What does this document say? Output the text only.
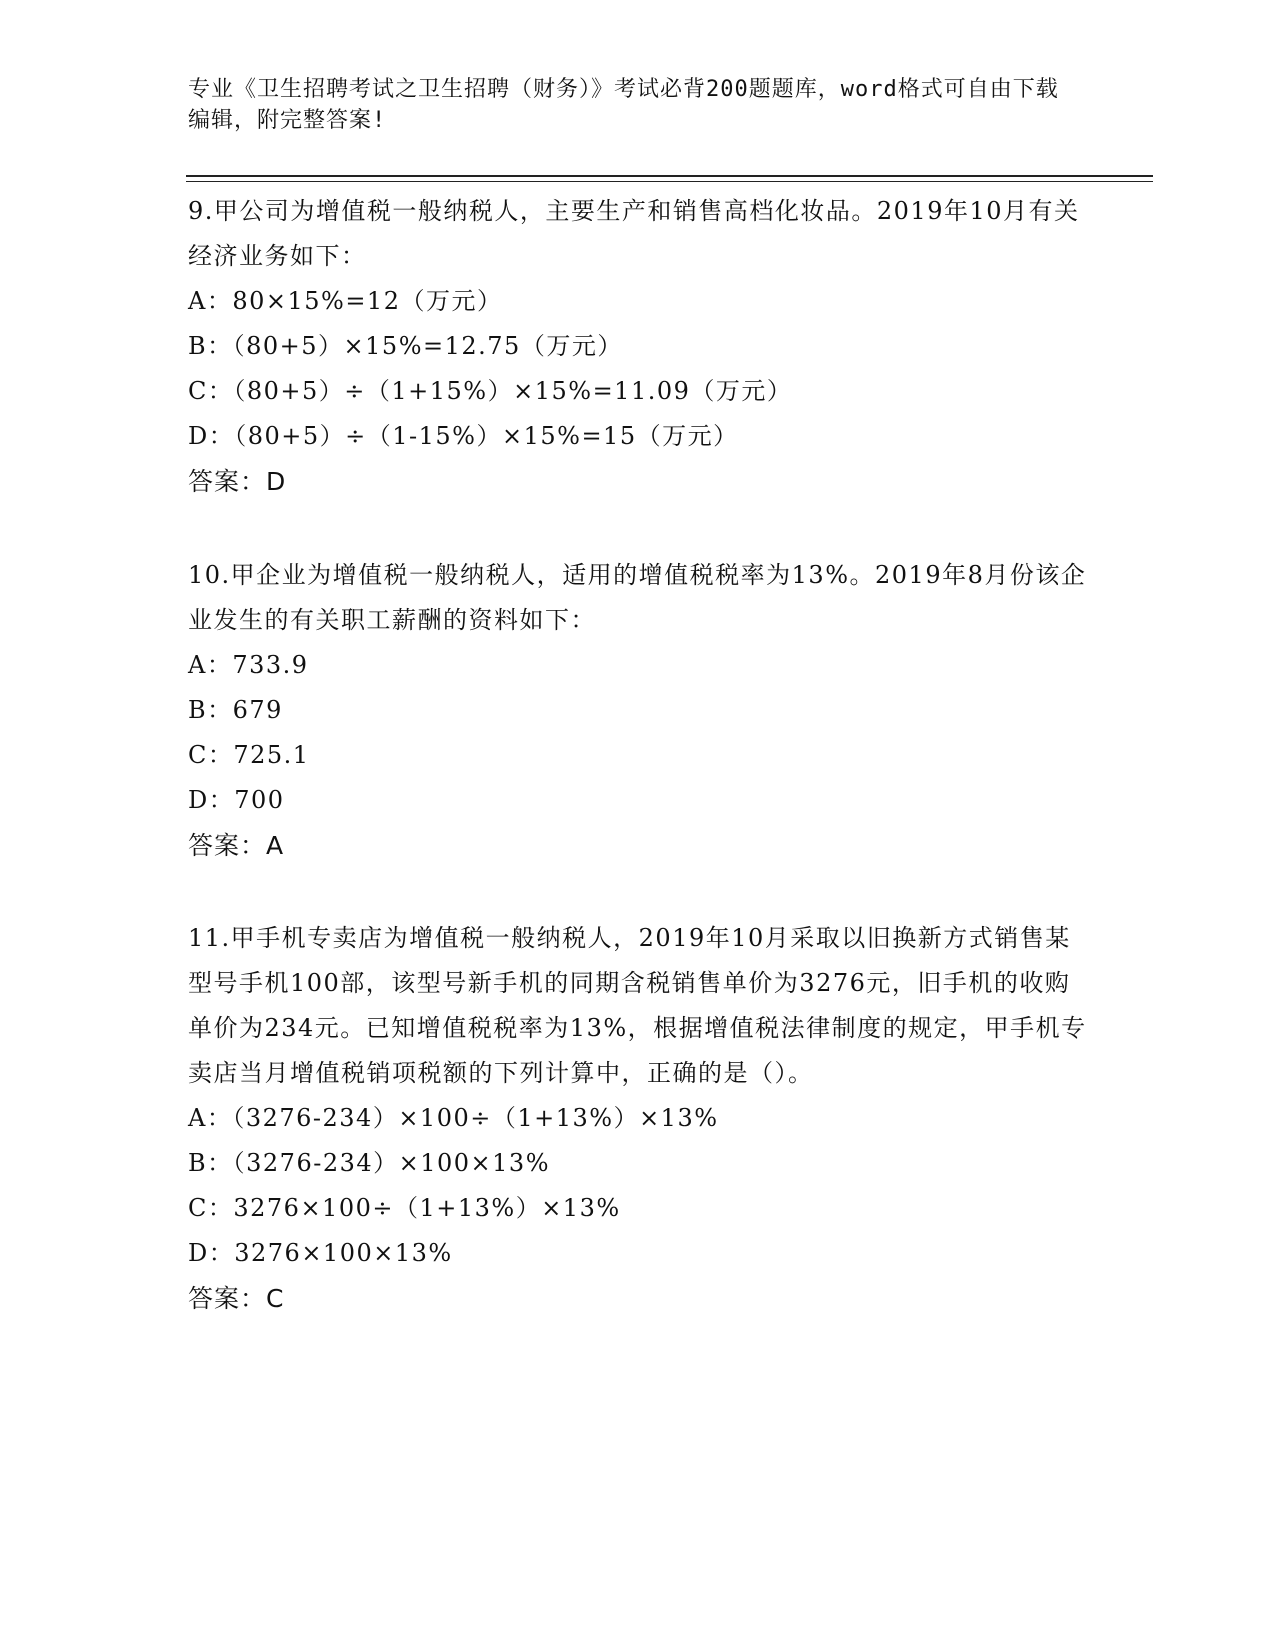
专业《卫生招聘考试之卫生招聘（财务）》考试必背200题题库，word格式可自由下载编辑，附完整答案!

9.甲公司为增值税一般纳税人，主要生产和销售高档化妆品。2019年10月有关经济业务如下：

A：80×15%=12（万元）

B：（80+5）×15%=12.75（万元）

C：（80+5）÷（1+15%）×15%=11.09（万元）

D：（80+5）÷（1-15%）×15%=15（万元）

答案：D

10.甲企业为增值税一般纳税人，适用的增值税税率为13%。2019年8月份该企业发生的有关职工薪酬的资料如下：

A：733.9

B：679

C：725.1

D：700

答案：A

11.甲手机专卖店为增值税一般纳税人，2019年10月采取以旧换新方式销售某型号手机100部，该型号新手机的同期含税销售单价为3276元，旧手机的收购单价为234元。已知增值税税率为13%，根据增值税法律制度的规定，甲手机专卖店当月增值税销项税额的下列计算中，正确的是（）。

A：（3276-234）×100÷（1+13%）×13%

B：（3276-234）×100×13%

C：3276×100÷（1+13%）×13%

D：3276×100×13%

答案：C
